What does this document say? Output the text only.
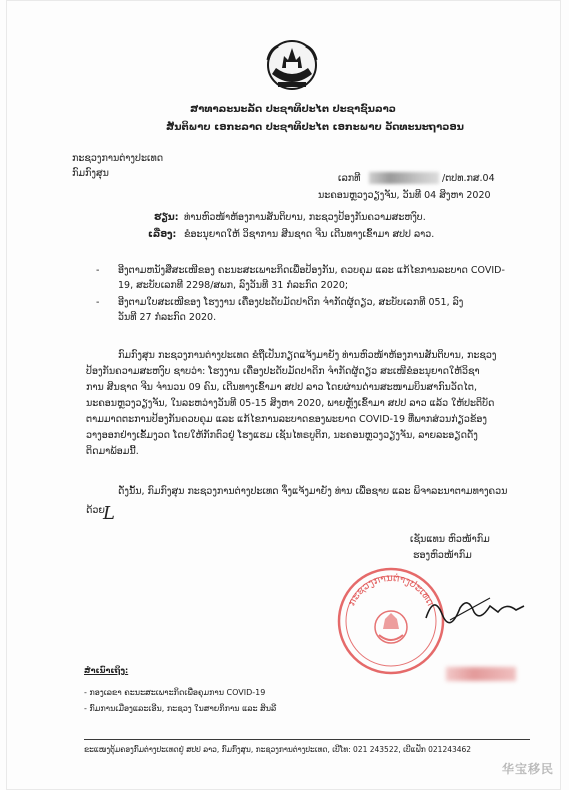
ສາທາລະນະລັດ ປະຊາທິປະໄຕ ປະຊາຊົນລາວ
ສັນຕິພາບ ເອກະລາດ ປະຊາທິປະໄຕ ເອກະພາບ ວັດທະນະຖາວອນ
ກະຊວງການຕ່າງປະເທດ
ກົມກົງສຸນ	ເລກທີ	/ຕປທ.ກສ.04
ນະຄອນຫຼວງວຽງຈັນ, ວັນທີ 04 ສິງຫາ 2020
ຮຽນ: ທ່ານຫົວໜ້າຫ້ອງການສັນຕິບານ, ກະຊວງປ້ອງກັນຄວາມສະຫງົບ.
ເລື່ອງ: ຂໍອະນຸຍາດໃຫ້ ວິຊາການ ສີນຊາດ ຈີນ ເດີນທາງເຂົ້າມາ ສປປ ລາວ.
- ອີງຕາມຫນັງສືສະເໜີຂອງ ຄະນະສະເພາະກິດເພື່ອປ້ອງກັນ, ຄວບຄຸມ ແລະ ແກ້ໄຂການລະບາດ COVID-
19, ສະບັບເລກທີ 2298/ສພກ, ລົງວັນທີ 31 ກໍລະກົດ 2020;
- ອີງຕາມໃບສະເໜີຂອງ ໂຮງງານ ເຄື່ອງປະດັບມັດປາດິກ ຈໍາກັດຜູ້ດຽວ, ສະບັບເລກທີ 051, ລົງ
ວັນທີ 27 ກໍລະກົດ 2020.
ກົມກົງສຸນ ກະຊວງການຕ່າງປະເທດ ຂໍຖືເປັນກຽດແຈ້ງມາຍັງ ທ່ານຫົວໜ້າຫ້ອງການສັນຕິບານ, ກະຊວງ
ປ້ອງກັນຄວາມສະຫງົບ ຊາບວ່າ: ໂຮງງານ ເຄື່ອງປະດັບມັດປາດິກ ຈໍາກັດຜູ້ດຽວ ສະເໜີຂໍອະນຸຍາດໃຫ້ວິຊາ
ການ ສີນຊາດ ຈີນ ຈໍານວນ 09 ຄົນ, ເດີນທາງເຂົ້າມາ ສປປ ລາວ ໂດຍຜ່ານດ່ານສະໜາມບິນສາກົນວັດໄຕ,
ນະຄອນຫຼວງວຽງຈັນ, ໃນລະຫວ່າງວັນທີ 05-15 ສິງຫາ 2020, ພາຍຫຼັງເຂົ້າມາ ສປປ ລາວ ແລ້ວ ໃຫ້ປະຕິບັດ
ຕາມມາດຕະການປ້ອງກັນຄວບຄຸມ ແລະ ແກ້ໄຂການລະບາດຂອງພະຍາດ COVID-19 ທີ່ພາກສ່ວນກ່ຽວຂ້ອງ
ວາງອອກຢ່າງເຂັ້ມງວດ ໂດຍໃຫ້ກັກຕົວຢູ່ ໂຮງແຮມ ເຊັນໄທຣບູຕິກ, ນະຄອນຫຼວງວຽງຈັນ, ລາຍລະອຽດດັ່ງ
ຕິດມາພ້ອມນີ້.
ດັ່ງນັ້ນ, ກົມກົງສຸນ ກະຊວງການຕ່າງປະເທດ ຈຶ່ງແຈ້ງມາຍັງ ທ່ານ ເພື່ອຊາບ ແລະ ພິຈາລະນາຕາມທາງຄວນ
ດ້ວຍ.
L
ເຊັນແທນ ຫົວໜ້າກົມ
ຮອງຫົວໜ້າກົມ
ກະຊວງການຕ່າງປະເທດ
ສໍາເນົາເຖິງ:
- ກອງເລຂາ ຄະນະສະເພາະກິດເພື່ອຄຸມການ COVID-19
- ກົມການເມືອງແລະເອີນ, ກະຊວງ ໃນສາຍກິການ ແລະ ສິນລີ
ຂະແໜງຕຸ້ມຄອງກົມຕ່າງປະເທດຢູ່ ສປປ ລາວ, ກົມກົງສຸນ, ກະຊວງການຕ່າງປະເທດ, ເບີໂທ: 021 243522, ເບີແຟັກ 021243462
华宝移民
